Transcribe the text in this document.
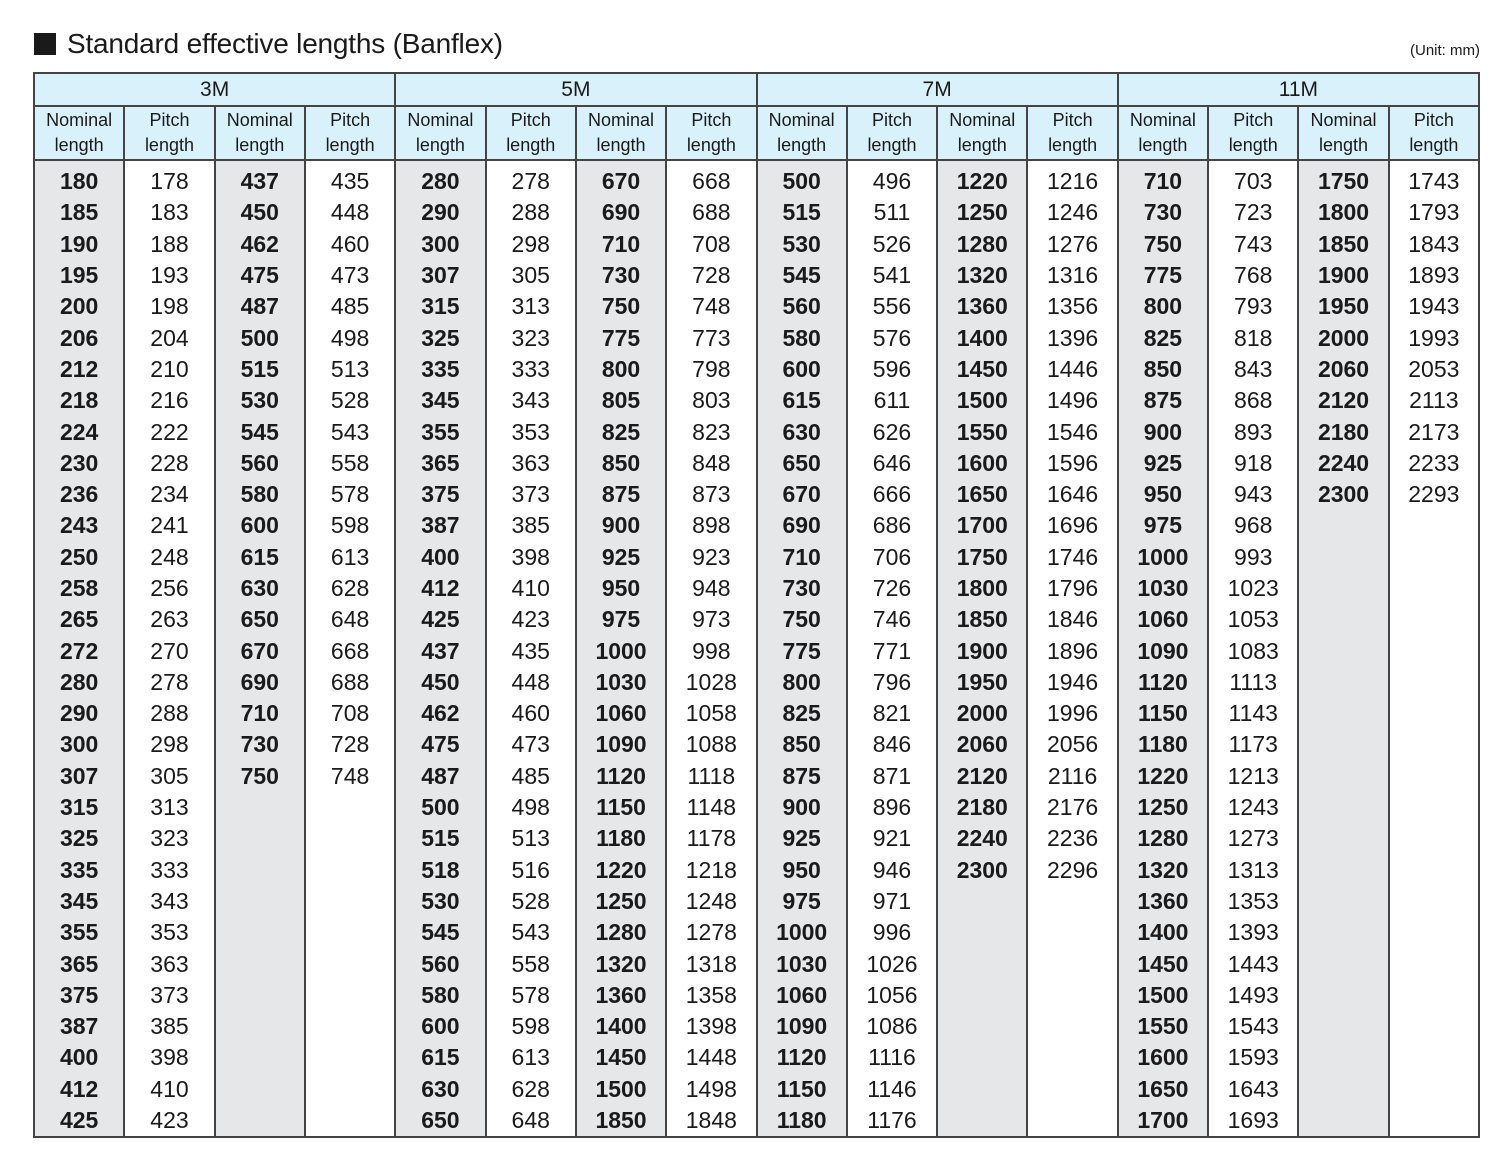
Standard effective lengths (Banflex)	(Unit: mm)
3M				5M				7M				11M			

Nominal
length	Pitch
length	Nominal
length	Pitch
length	Nominal
length	Pitch
length	Nominal
length	Pitch
length	Nominal
length	Pitch
length	Nominal
length	Pitch
length	Nominal
length	Pitch
length	Nominal
length	Pitch
length

180	178	437	435	280	278	670	668	500	496	1220	1216	710	703	1750	1743
185	183	450	448	290	288	690	688	515	511	1250	1246	730	723	1800	1793
190	188	462	460	300	298	710	708	530	526	1280	1276	750	743	1850	1843
195	193	475	473	307	305	730	728	545	541	1320	1316	775	768	1900	1893
200	198	487	485	315	313	750	748	560	556	1360	1356	800	793	1950	1943
206	204	500	498	325	323	775	773	580	576	1400	1396	825	818	2000	1993
212	210	515	513	335	333	800	798	600	596	1450	1446	850	843	2060	2053
218	216	530	528	345	343	805	803	615	611	1500	1496	875	868	2120	2113
224	222	545	543	355	353	825	823	630	626	1550	1546	900	893	2180	2173
230	228	560	558	365	363	850	848	650	646	1600	1596	925	918	2240	2233
236	234	580	578	375	373	875	873	670	666	1650	1646	950	943	2300	2293
243	241	600	598	387	385	900	898	690	686	1700	1696	975	968		
250	248	615	613	400	398	925	923	710	706	1750	1746	1000	993		
258	256	630	628	412	410	950	948	730	726	1800	1796	1030	1023		
265	263	650	648	425	423	975	973	750	746	1850	1846	1060	1053		
272	270	670	668	437	435	1000	998	775	771	1900	1896	1090	1083		
280	278	690	688	450	448	1030	1028	800	796	1950	1946	1120	1113		
290	288	710	708	462	460	1060	1058	825	821	2000	1996	1150	1143		
300	298	730	728	475	473	1090	1088	850	846	2060	2056	1180	1173		
307	305	750	748	487	485	1120	1118	875	871	2120	2116	1220	1213		
315	313			500	498	1150	1148	900	896	2180	2176	1250	1243		
325	323			515	513	1180	1178	925	921	2240	2236	1280	1273		
335	333			518	516	1220	1218	950	946	2300	2296	1320	1313		
345	343			530	528	1250	1248	975	971			1360	1353		
355	353			545	543	1280	1278	1000	996			1400	1393		
365	363			560	558	1320	1318	1030	1026			1450	1443		
375	373			580	578	1360	1358	1060	1056			1500	1493		
387	385			600	598	1400	1398	1090	1086			1550	1543		
400	398			615	613	1450	1448	1120	1116			1600	1593		
412	410			630	628	1500	1498	1150	1146			1650	1643		
425	423			650	648	1850	1848	1180	1176			1700	1693		
